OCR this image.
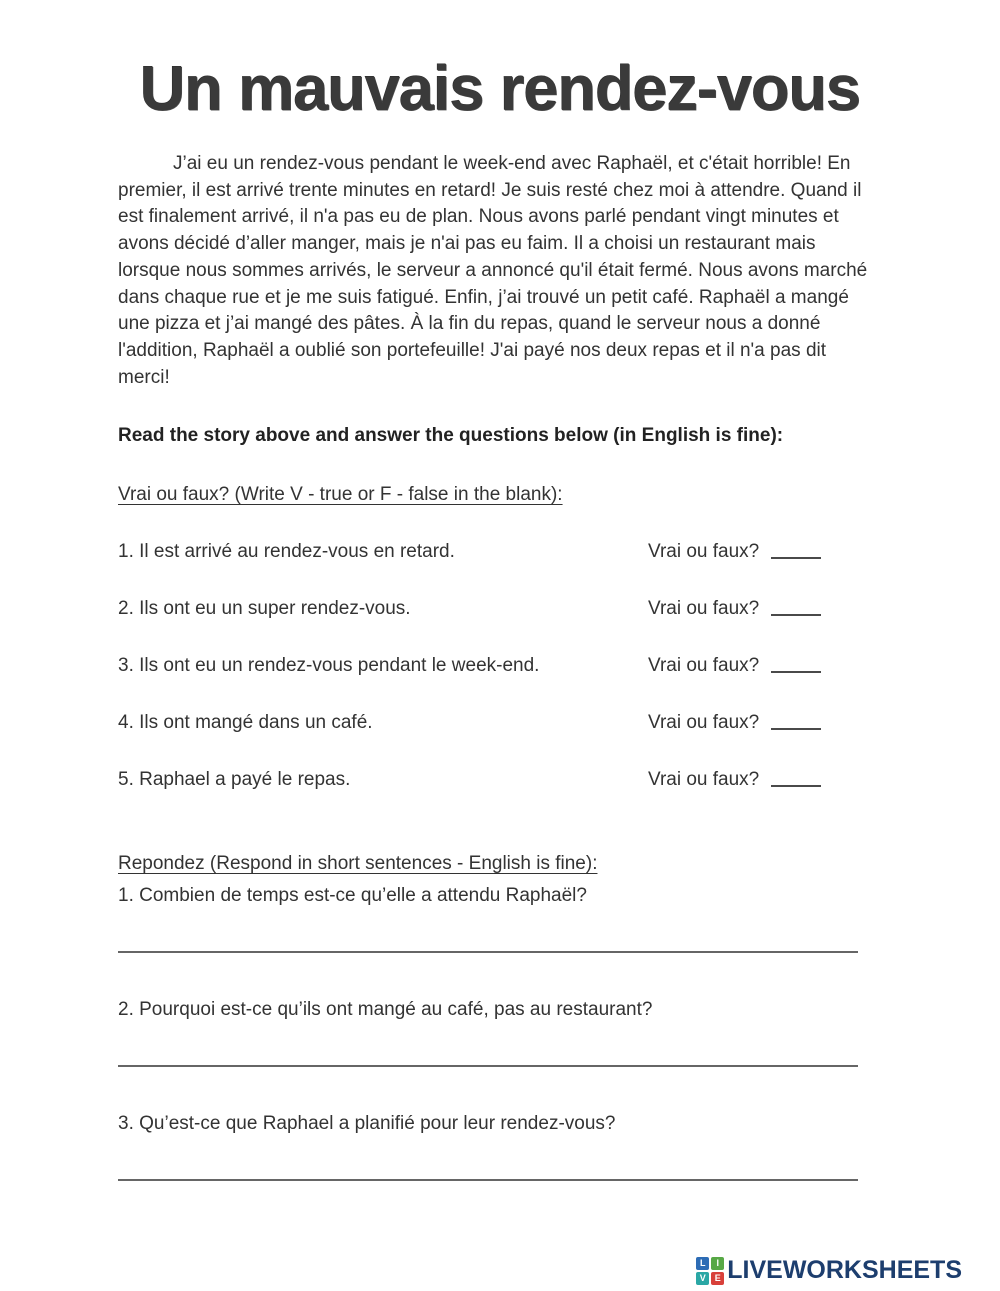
Un mauvais rendez-vous

J’ai eu un rendez-vous pendant le week-end avec Raphaël, et c'était horrible! En premier, il est arrivé trente minutes en retard! Je suis resté chez moi à attendre. Quand il est finalement arrivé, il n'a pas eu de plan. Nous avons parlé pendant vingt minutes et avons décidé d’aller manger, mais je n'ai pas eu faim. Il a choisi un restaurant mais lorsque nous sommes arrivés, le serveur a annoncé qu'il était fermé. Nous avons marché dans chaque rue et je me suis fatigué. Enfin, j’ai trouvé un petit café. Raphaël a mangé une pizza et j’ai mangé des pâtes. À la fin du repas, quand le serveur nous a donné l'addition, Raphaël a oublié son portefeuille! J'ai payé nos deux repas et il n'a pas dit merci!

Read the story above and answer the questions below (in English is fine):

Vrai ou faux? (Write V - true or F - false in the blank):

1. Il est arrivé au rendez-vous en retard.	Vrai ou faux?
2. Ils ont eu un super rendez-vous.	Vrai ou faux?
3. Ils ont eu un rendez-vous pendant le week-end.	Vrai ou faux?
4. Ils ont mangé dans un café.	Vrai ou faux?
5. Raphael a payé le repas.	Vrai ou faux?

Repondez (Respond in short sentences - English is fine):

1. Combien de temps est-ce qu’elle a attendu Raphaël?

2. Pourquoi est-ce qu’ils ont mangé au café, pas au restaurant?

3. Qu’est-ce que Raphael a planifié pour leur rendez-vous?

L	I
V E LIVEWORKSHEETS
